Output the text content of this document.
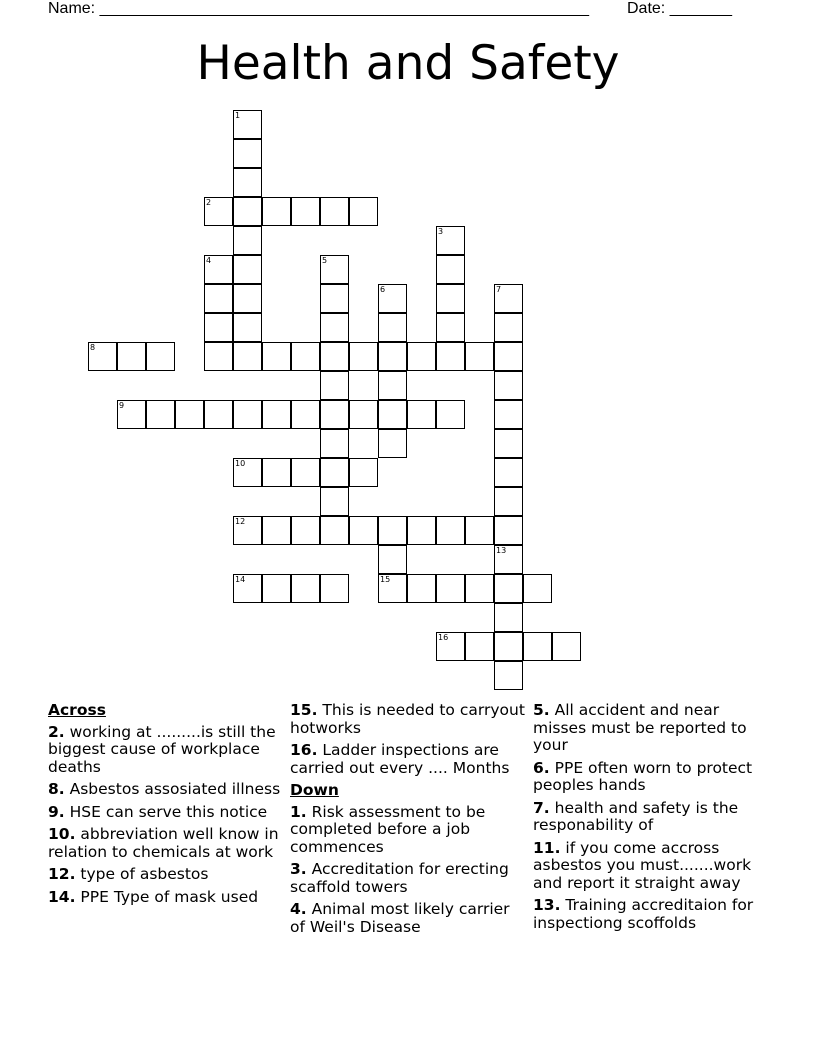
Name: _______________________________________________________ Date: _______
Health and Safety
1
2
3
4	5
6	7
13
8
9
10
12
14	15
16
Across
2. working at .........is still the biggest cause of workplace deaths
8. Asbestos assosiated illness
9. HSE can serve this notice
10. abbreviation well know in relation to chemicals at work
12. type of asbestos
14. PPE Type of mask used
15. This is needed to carryout hotworks
16. Ladder inspections are carried out every .... Months
Down
1. Risk assessment to be completed before a job commences
3. Accreditation for erecting scaffold towers
4. Animal most likely carrier of Weil's Disease
5. All accident and near misses must be reported to your
6. PPE often worn to protect peoples hands
7. health and safety is the responability of
11. if you come accross asbestos you must.......work and report it straight away
13. Training accreditaion for inspectiong scoffolds
